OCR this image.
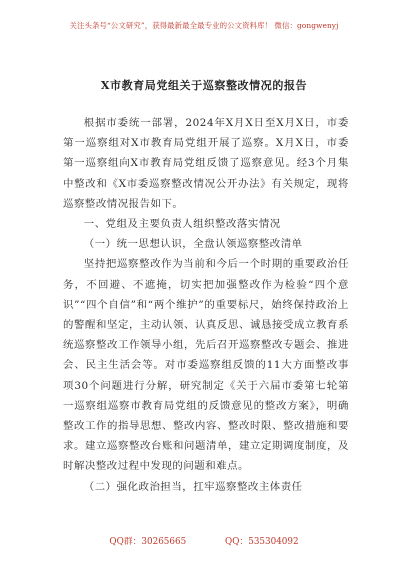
关注头条号“公文研究”，获得最新最全最专业的公文资料库！ 微信：gongwenyj
X市教育局党组关于巡察整改情况的报告

根据市委统一部署，2024年X月X日至X月X日，市委第一巡察组对X市教育局党组开展了巡察。X月X日，市委第一巡察组向X市教育局党组反馈了巡察意见。经3个月集中整改和《X市委巡察整改情况公开办法》有关规定，现将巡察整改情况报告如下。

一、党组及主要负责人组织整改落实情况

（一）统一思想认识，全盘认领巡察整改清单

坚持把巡察整改作为当前和今后一个时期的重要政治任务，不回避、不遮掩，切实把加强整改作为检验“四个意识”“四个自信”和“两个维护”的重要标尺，始终保持政治上的警醒和坚定，主动认领、认真反思、诚恳接受成立教育系统巡察整改工作领导小组，先后召开巡察整改专题会、推进会、民主生活会等。对市委巡察组反馈的11大方面整改事项30个问题进行分解，研究制定《关于六届市委第七轮第一巡察组巡察市教育局党组的反馈意见的整改方案》，明确整改工作的指导思想、整改内容、整改时限、整改措施和要求。建立巡察整改台账和问题清单，建立定期调度制度，及时解决整改过程中发现的问题和难点。

（二）强化政治担当，扛牢巡察整改主体责任

QQ群：30265665	QQ：535304092
